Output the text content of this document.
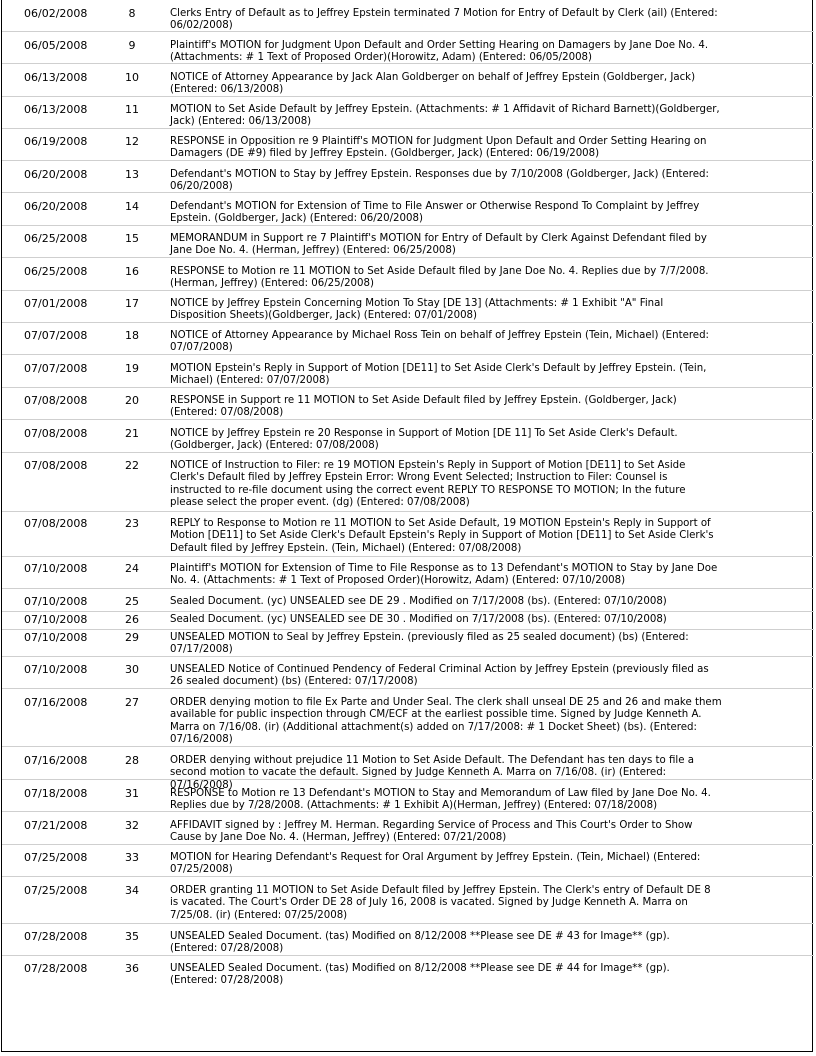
06/02/2008	8	Clerks Entry of Default as to Jeffrey Epstein terminated 7 Motion for Entry of Default by Clerk (ail) (Entered:
06/02/2008)
06/05/2008	9	Plaintiff's MOTION for Judgment Upon Default and Order Setting Hearing on Damagers by Jane Doe No. 4.
(Attachments: # 1 Text of Proposed Order)(Horowitz, Adam) (Entered: 06/05/2008)
06/13/2008	10	NOTICE of Attorney Appearance by Jack Alan Goldberger on behalf of Jeffrey Epstein (Goldberger, Jack)
(Entered: 06/13/2008)
06/13/2008	11	MOTION to Set Aside Default by Jeffrey Epstein. (Attachments: # 1 Affidavit of Richard Barnett)(Goldberger,
Jack) (Entered: 06/13/2008)
06/19/2008	12	RESPONSE in Opposition re 9 Plaintiff's MOTION for Judgment Upon Default and Order Setting Hearing on
Damagers (DE #9) filed by Jeffrey Epstein. (Goldberger, Jack) (Entered: 06/19/2008)
06/20/2008	13	Defendant's MOTION to Stay by Jeffrey Epstein. Responses due by 7/10/2008 (Goldberger, Jack) (Entered:
06/20/2008)
06/20/2008	14	Defendant's MOTION for Extension of Time to File Answer or Otherwise Respond To Complaint by Jeffrey
Epstein. (Goldberger, Jack) (Entered: 06/20/2008)
06/25/2008	15	MEMORANDUM in Support re 7 Plaintiff's MOTION for Entry of Default by Clerk Against Defendant filed by
Jane Doe No. 4. (Herman, Jeffrey) (Entered: 06/25/2008)
06/25/2008	16	RESPONSE to Motion re 11 MOTION to Set Aside Default filed by Jane Doe No. 4. Replies due by 7/7/2008.
(Herman, Jeffrey) (Entered: 06/25/2008)
07/01/2008	17	NOTICE by Jeffrey Epstein Concerning Motion To Stay [DE 13] (Attachments: # 1 Exhibit "A" Final
Disposition Sheets)(Goldberger, Jack) (Entered: 07/01/2008)
07/07/2008	18	NOTICE of Attorney Appearance by Michael Ross Tein on behalf of Jeffrey Epstein (Tein, Michael) (Entered:
07/07/2008)
07/07/2008	19	MOTION Epstein's Reply in Support of Motion [DE11] to Set Aside Clerk's Default by Jeffrey Epstein. (Tein,
Michael) (Entered: 07/07/2008)
07/08/2008	20	RESPONSE in Support re 11 MOTION to Set Aside Default filed by Jeffrey Epstein. (Goldberger, Jack)
(Entered: 07/08/2008)
07/08/2008	21	NOTICE by Jeffrey Epstein re 20 Response in Support of Motion [DE 11] To Set Aside Clerk's Default.
(Goldberger, Jack) (Entered: 07/08/2008)
07/08/2008	22	NOTICE of Instruction to Filer: re 19 MOTION Epstein's Reply in Support of Motion [DE11] to Set Aside
Clerk's Default filed by Jeffrey Epstein Error: Wrong Event Selected; Instruction to Filer: Counsel is
instructed to re-file document using the correct event REPLY TO RESPONSE TO MOTION; In the future
please select the proper event. (dg) (Entered: 07/08/2008)
07/08/2008	23	REPLY to Response to Motion re 11 MOTION to Set Aside Default, 19 MOTION Epstein's Reply in Support of
Motion [DE11] to Set Aside Clerk's Default Epstein's Reply in Support of Motion [DE11] to Set Aside Clerk's
Default filed by Jeffrey Epstein. (Tein, Michael) (Entered: 07/08/2008)
07/10/2008	24	Plaintiff's MOTION for Extension of Time to File Response as to 13 Defendant's MOTION to Stay by Jane Doe
No. 4. (Attachments: # 1 Text of Proposed Order)(Horowitz, Adam) (Entered: 07/10/2008)
07/10/2008	25	Sealed Document. (yc) UNSEALED see DE 29 . Modified on 7/17/2008 (bs). (Entered: 07/10/2008)
07/10/2008	26	Sealed Document. (yc) UNSEALED see DE 30 . Modified on 7/17/2008 (bs). (Entered: 07/10/2008)
07/10/2008	29	UNSEALED MOTION to Seal by Jeffrey Epstein. (previously filed as 25 sealed document) (bs) (Entered:
07/17/2008)
07/10/2008	30	UNSEALED Notice of Continued Pendency of Federal Criminal Action by Jeffrey Epstein (previously filed as
26 sealed document) (bs) (Entered: 07/17/2008)
07/16/2008	27	ORDER denying motion to file Ex Parte and Under Seal. The clerk shall unseal DE 25 and 26 and make them
available for public inspection through CM/ECF at the earliest possible time. Signed by Judge Kenneth A.
Marra on 7/16/08. (ir) (Additional attachment(s) added on 7/17/2008: # 1 Docket Sheet) (bs). (Entered:
07/16/2008)
07/16/2008	28	ORDER denying without prejudice 11 Motion to Set Aside Default. The Defendant has ten days to file a
second motion to vacate the default. Signed by Judge Kenneth A. Marra on 7/16/08. (ir) (Entered:
07/16/2008)
07/18/2008	31	RESPONSE to Motion re 13 Defendant's MOTION to Stay and Memorandum of Law filed by Jane Doe No. 4.
Replies due by 7/28/2008. (Attachments: # 1 Exhibit A)(Herman, Jeffrey) (Entered: 07/18/2008)
07/21/2008	32	AFFIDAVIT signed by : Jeffrey M. Herman. Regarding Service of Process and This Court's Order to Show
Cause by Jane Doe No. 4. (Herman, Jeffrey) (Entered: 07/21/2008)
07/25/2008	33	MOTION for Hearing Defendant's Request for Oral Argument by Jeffrey Epstein. (Tein, Michael) (Entered:
07/25/2008)
07/25/2008	34	ORDER granting 11 MOTION to Set Aside Default filed by Jeffrey Epstein. The Clerk's entry of Default DE 8
is vacated. The Court's Order DE 28 of July 16, 2008 is vacated. Signed by Judge Kenneth A. Marra on
7/25/08. (ir) (Entered: 07/25/2008)
07/28/2008	35	UNSEALED Sealed Document. (tas) Modified on 8/12/2008 **Please see DE # 43 for Image** (gp).
(Entered: 07/28/2008)
07/28/2008	36	UNSEALED Sealed Document. (tas) Modified on 8/12/2008 **Please see DE # 44 for Image** (gp).
(Entered: 07/28/2008)
